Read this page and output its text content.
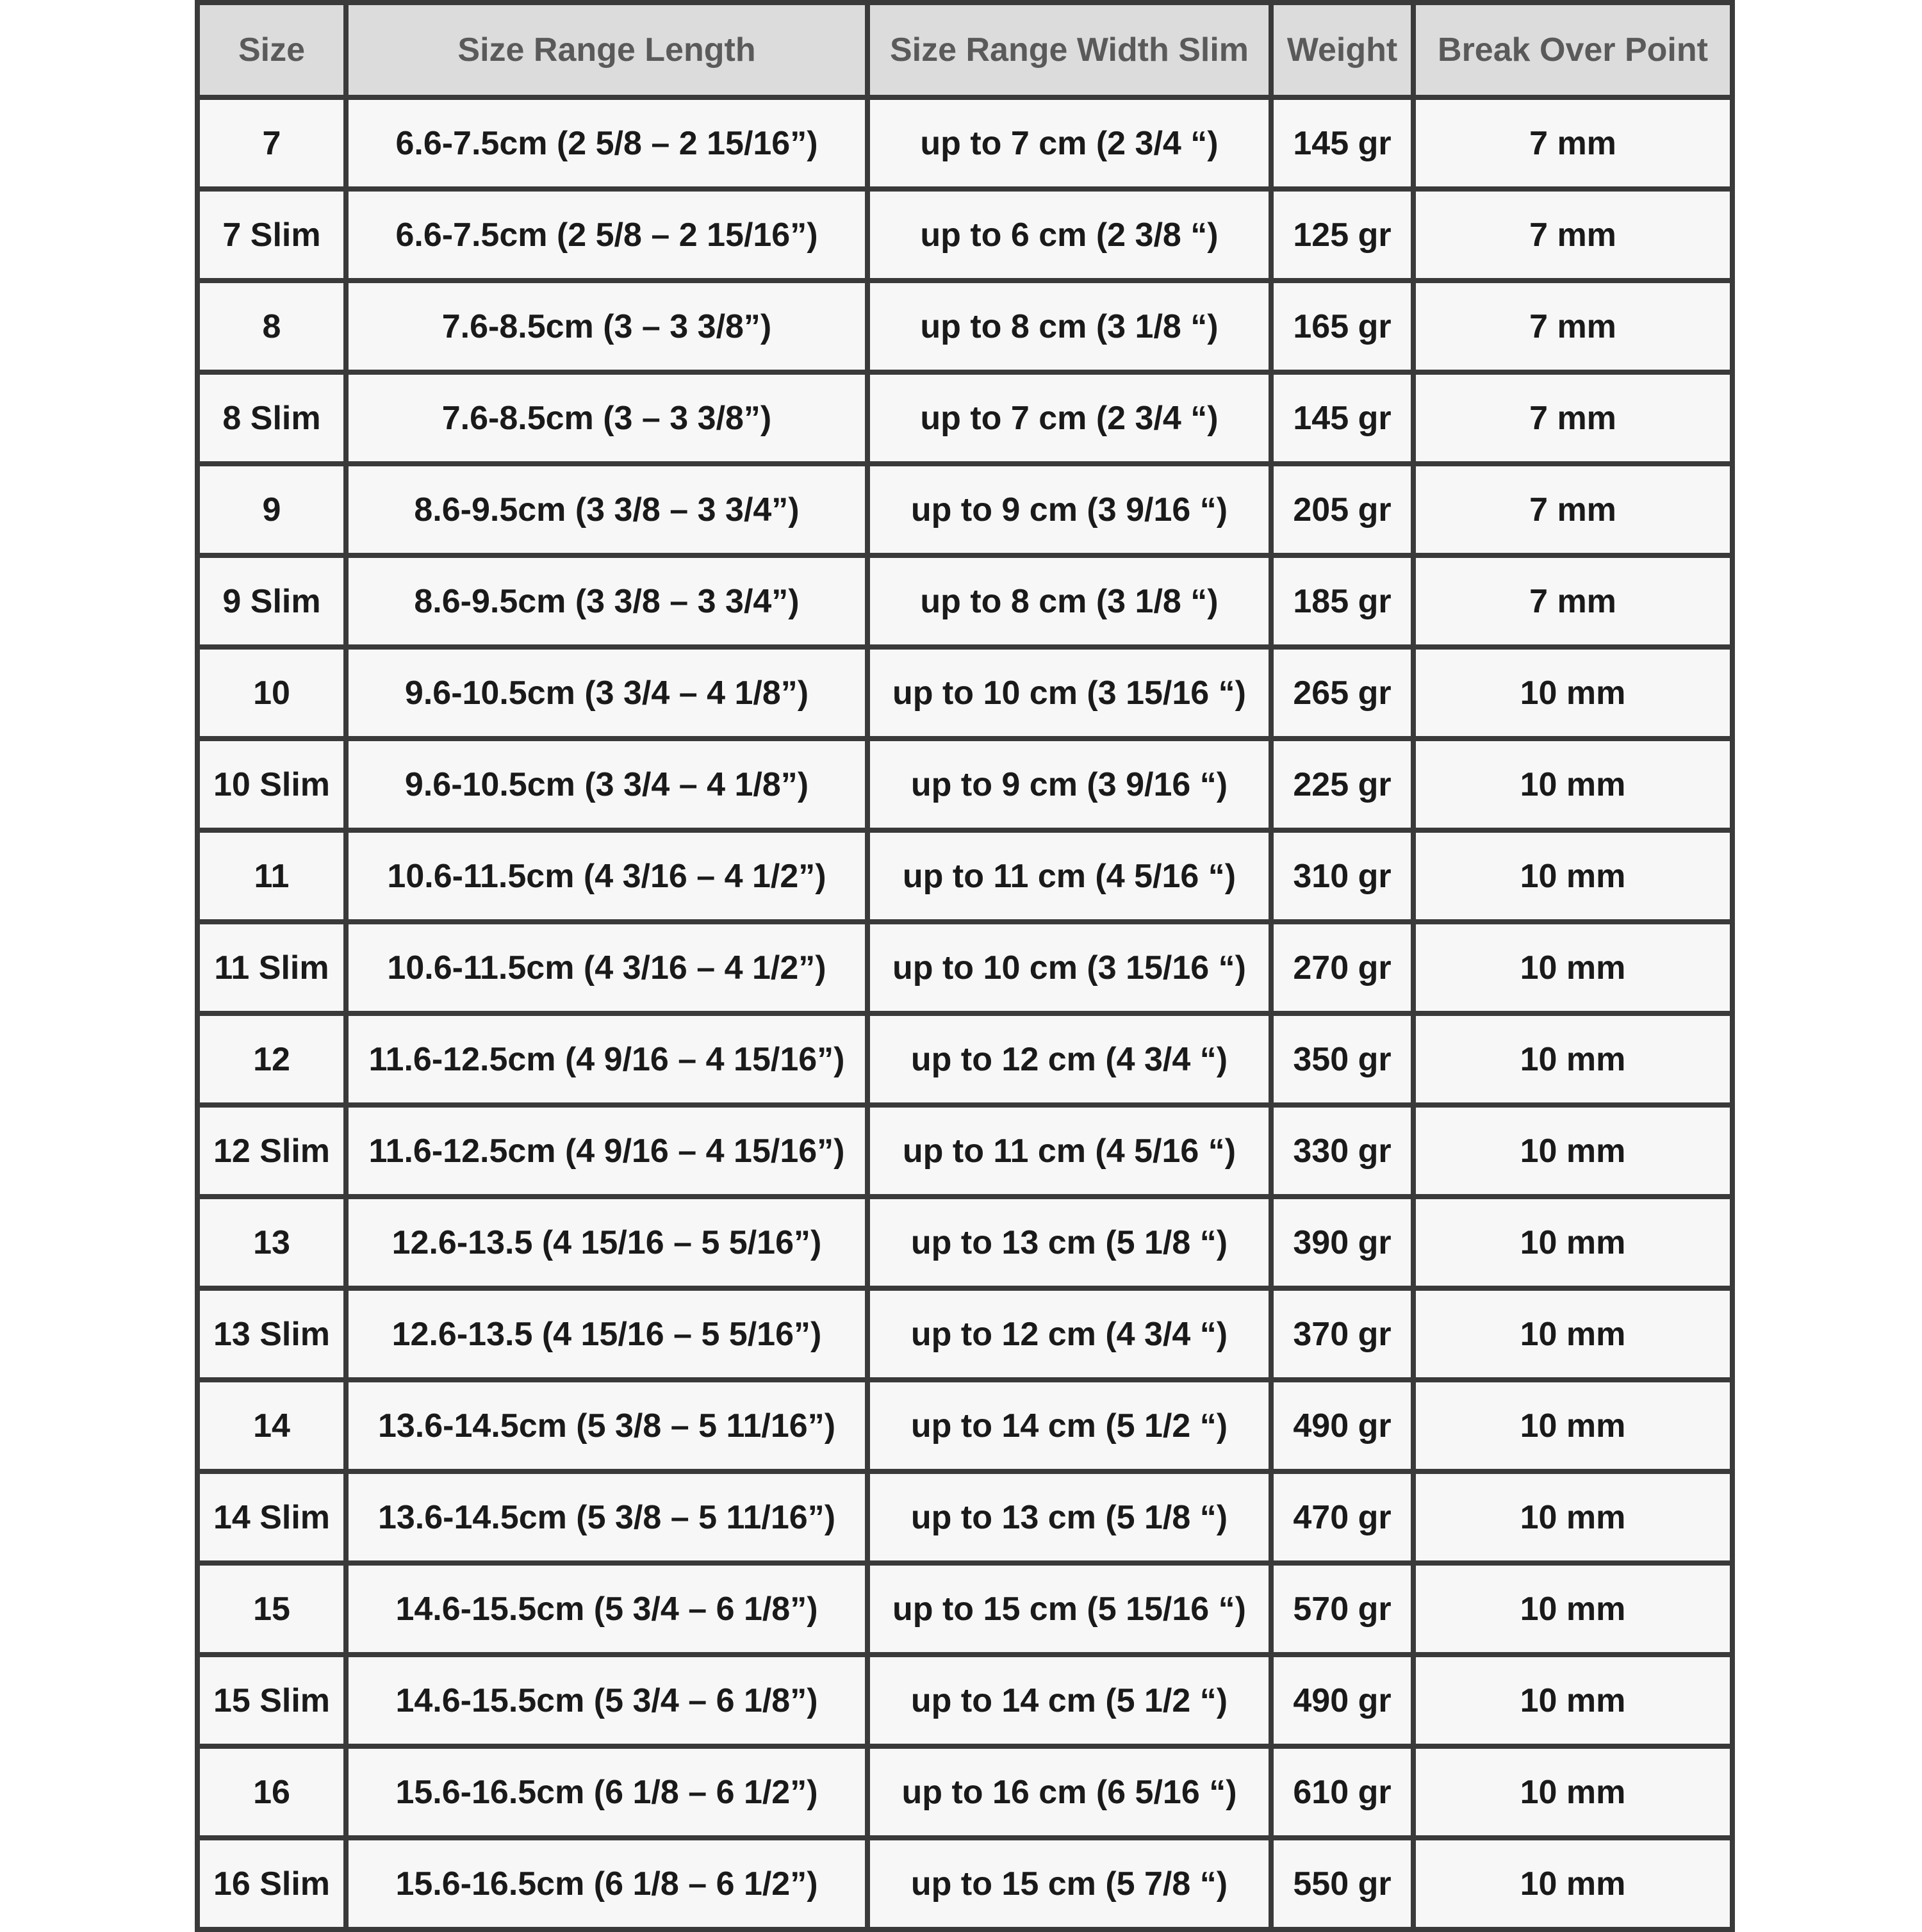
Size	Size Range Length	Size Range Width Slim	Weight	Break Over Point
7	6.6-7.5cm (2 5/8 – 2 15/16”)	up to 7 cm (2 3/4 “)	145 gr	7 mm
7 Slim	6.6-7.5cm (2 5/8 – 2 15/16”)	up to 6 cm (2 3/8 “)	125 gr	7 mm
8	7.6-8.5cm (3 – 3 3/8”)	up to 8 cm (3 1/8 “)	165 gr	7 mm
8 Slim	7.6-8.5cm (3 – 3 3/8”)	up to 7 cm (2 3/4 “)	145 gr	7 mm
9	8.6-9.5cm (3 3/8 – 3 3/4”)	up to 9 cm (3 9/16 “)	205 gr	7 mm
9 Slim	8.6-9.5cm (3 3/8 – 3 3/4”)	up to 8 cm (3 1/8 “)	185 gr	7 mm
10	9.6-10.5cm (3 3/4 – 4 1/8”)	up to 10 cm (3 15/16 “)	265 gr	10 mm
10 Slim	9.6-10.5cm (3 3/4 – 4 1/8”)	up to 9 cm (3 9/16 “)	225 gr	10 mm
11	10.6-11.5cm (4 3/16 – 4 1/2”)	up to 11 cm (4 5/16 “)	310 gr	10 mm
11 Slim	10.6-11.5cm (4 3/16 – 4 1/2”)	up to 10 cm (3 15/16 “)	270 gr	10 mm
12	11.6-12.5cm (4 9/16 – 4 15/16”)	up to 12 cm (4 3/4 “)	350 gr	10 mm
12 Slim	11.6-12.5cm (4 9/16 – 4 15/16”)	up to 11 cm (4 5/16 “)	330 gr	10 mm
13	12.6-13.5 (4 15/16 – 5 5/16”)	up to 13 cm (5 1/8 “)	390 gr	10 mm
13 Slim	12.6-13.5 (4 15/16 – 5 5/16”)	up to 12 cm (4 3/4 “)	370 gr	10 mm
14	13.6-14.5cm (5 3/8 – 5 11/16”)	up to 14 cm (5 1/2 “)	490 gr	10 mm
14 Slim	13.6-14.5cm (5 3/8 – 5 11/16”)	up to 13 cm (5 1/8 “)	470 gr	10 mm
15	14.6-15.5cm (5 3/4 – 6 1/8”)	up to 15 cm (5 15/16 “)	570 gr	10 mm
15 Slim	14.6-15.5cm (5 3/4 – 6 1/8”)	up to 14 cm (5 1/2 “)	490 gr	10 mm
16	15.6-16.5cm (6 1/8 – 6 1/2”)	up to 16 cm (6 5/16 “)	610 gr	10 mm
16 Slim	15.6-16.5cm (6 1/8 – 6 1/2”)	up to 15 cm (5 7/8 “)	550 gr	10 mm
